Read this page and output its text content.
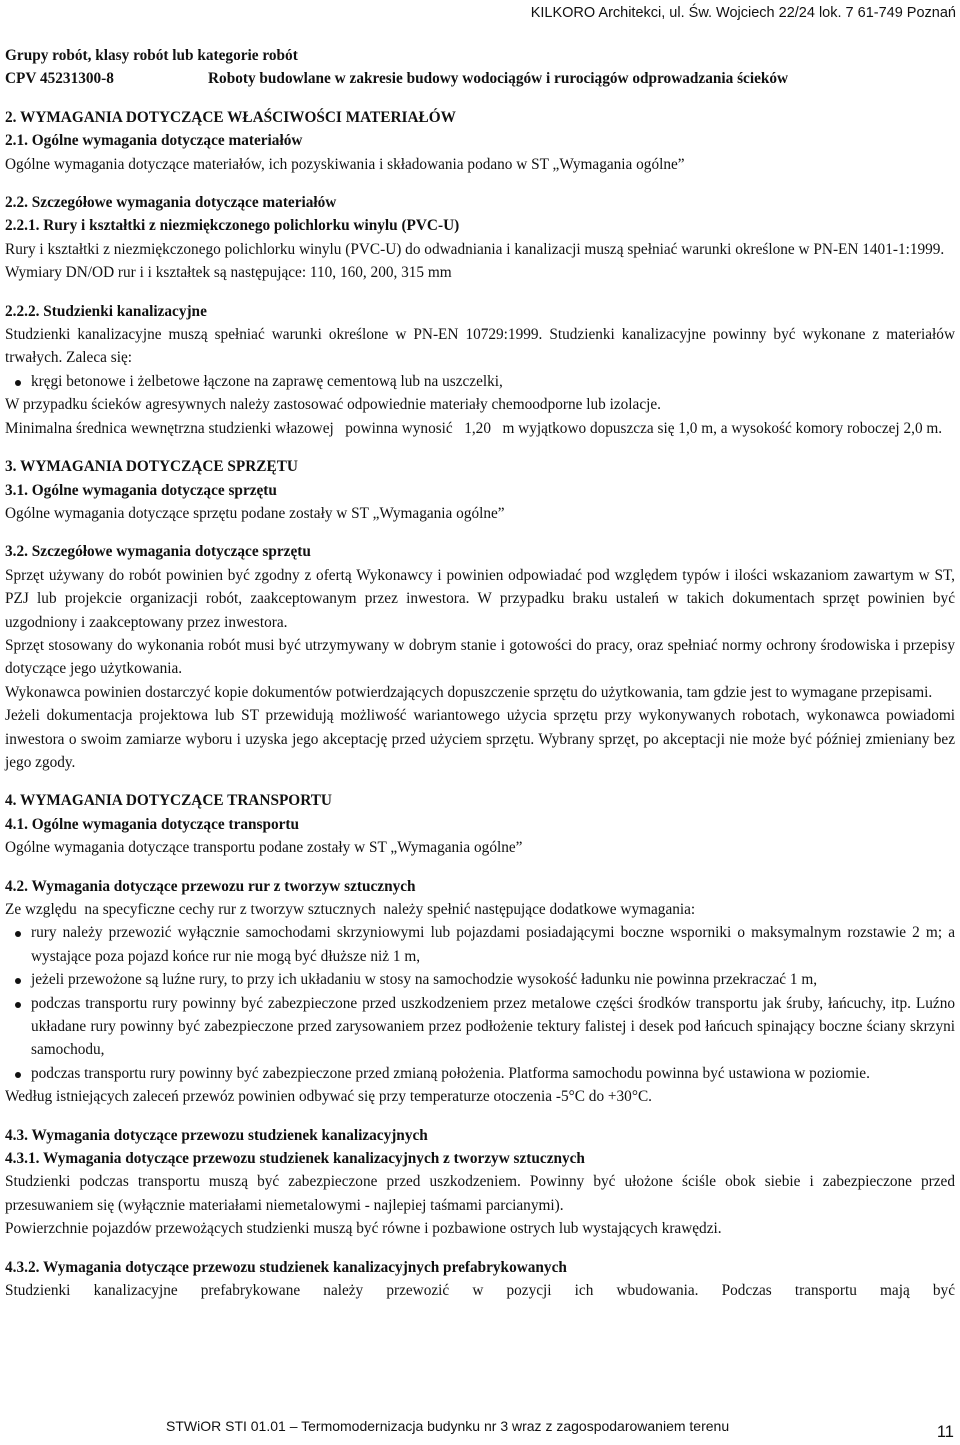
KILKORO Architekci, ul. Św. Wojciech 22/24 lok. 7 61-749 Poznań
Grupy robót, klasy robót lub kategorie robót
CPV 45231300-8	Roboty budowlane w zakresie budowy wodociągów i rurociągów odprowadzania ścieków
2. WYMAGANIA DOTYCZĄCE WŁAŚCIWOŚCI MATERIAŁÓW
2.1. Ogólne wymagania dotyczące materiałów
Ogólne wymagania dotyczące materiałów, ich pozyskiwania i składowania podano w ST „Wymagania ogólne”
2.2. Szczegółowe wymagania dotyczące materiałów
2.2.1. Rury i kształtki z niezmiękczonego polichlorku winylu (PVC-U)
Rury i kształtki z niezmiękczonego polichlorku winylu (PVC-U) do odwadniania i kanalizacji muszą spełniać warunki określone w PN-EN 1401-1:1999.
Wymiary DN/OD rur i i kształtek są następujące: 110, 160, 200, 315 mm
2.2.2. Studzienki kanalizacyjne
Studzienki kanalizacyjne muszą spełniać warunki określone w PN-EN 10729:1999. Studzienki kanalizacyjne powinny być wykonane z materiałów trwałych. Zaleca się:
kręgi betonowe i żelbetowe łączone na zaprawę cementową lub na uszczelki,
W przypadku ścieków agresywnych należy zastosować odpowiednie materiały chemoodporne lub izolacje.
Minimalna średnica wewnętrzna studzienki włazowej   powinna wynosić   1,20   m wyjątkowo dopuszcza się 1,0 m, a wysokość komory roboczej 2,0 m.
3. WYMAGANIA DOTYCZĄCE SPRZĘTU
3.1. Ogólne wymagania dotyczące sprzętu
Ogólne wymagania dotyczące sprzętu podane zostały w ST „Wymagania ogólne”
3.2. Szczegółowe wymagania dotyczące sprzętu
Sprzęt używany do robót powinien być zgodny z ofertą Wykonawcy i powinien odpowiadać pod względem typów i ilości wskazaniom zawartym w ST, PZJ lub projekcie organizacji robót, zaakceptowanym przez inwestora. W przypadku braku ustaleń w takich dokumentach sprzęt powinien być uzgodniony i zaakceptowany przez inwestora.
Sprzęt stosowany do wykonania robót musi być utrzymywany w dobrym stanie i gotowości do pracy, oraz spełniać normy ochrony środowiska i przepisy dotyczące jego użytkowania.
Wykonawca powinien dostarczyć kopie dokumentów potwierdzających dopuszczenie sprzętu do użytkowania, tam gdzie jest to wymagane przepisami.
Jeżeli dokumentacja projektowa lub ST przewidują możliwość wariantowego użycia sprzętu przy wykonywanych robotach, wykonawca powiadomi inwestora o swoim zamiarze wyboru i uzyska jego akceptację przed użyciem sprzętu. Wybrany sprzęt, po akceptacji nie może być później zmieniany bez jego zgody.
4. WYMAGANIA DOTYCZĄCE TRANSPORTU
4.1. Ogólne wymagania dotyczące transportu
Ogólne wymagania dotyczące transportu podane zostały w ST „Wymagania ogólne”
4.2. Wymagania dotyczące przewozu rur z tworzyw sztucznych
Ze względu  na specyficzne cechy rur z tworzyw sztucznych  należy spełnić następujące dodatkowe wymagania:
rury należy przewozić wyłącznie samochodami skrzyniowymi lub pojazdami posiadającymi boczne wsporniki o maksymalnym rozstawie 2 m; a wystające poza pojazd końce rur nie mogą być dłuższe niż 1 m,
jeżeli przewożone są luźne rury, to przy ich układaniu w stosy na samochodzie wysokość ładunku nie powinna przekraczać 1 m,
podczas transportu rury powinny być zabezpieczone przed uszkodzeniem przez metalowe części środków transportu jak śruby, łańcuchy, itp. Luźno układane rury powinny być zabezpieczone przed zarysowaniem przez podłożenie tektury falistej i desek pod łańcuch spinający boczne ściany skrzyni samochodu,
podczas transportu rury powinny być zabezpieczone przed zmianą położenia. Platforma samochodu powinna być ustawiona w poziomie.
Według istniejących zaleceń przewóz powinien odbywać się przy temperaturze otoczenia -5°C do +30°C.
4.3. Wymagania dotyczące przewozu studzienek kanalizacyjnych
4.3.1. Wymagania dotyczące przewozu studzienek kanalizacyjnych z tworzyw sztucznych
Studzienki podczas transportu muszą być zabezpieczone przed uszkodzeniem. Powinny być ułożone ściśle obok siebie i zabezpieczone przed przesuwaniem się (wyłącznie materiałami niemetalowymi - najlepiej taśmami parcianymi).
Powierzchnie pojazdów przewożących studzienki muszą być równe i pozbawione ostrych lub wystających krawędzi.
4.3.2. Wymagania dotyczące przewozu studzienek kanalizacyjnych prefabrykowanych
Studzienki kanalizacyjne prefabrykowane należy przewozić w pozycji ich wbudowania. Podczas transportu mają być
STWiOR STI 01.01 – Termomodernizacja budynku nr 3 wraz z zagospodarowaniem terenu	11
